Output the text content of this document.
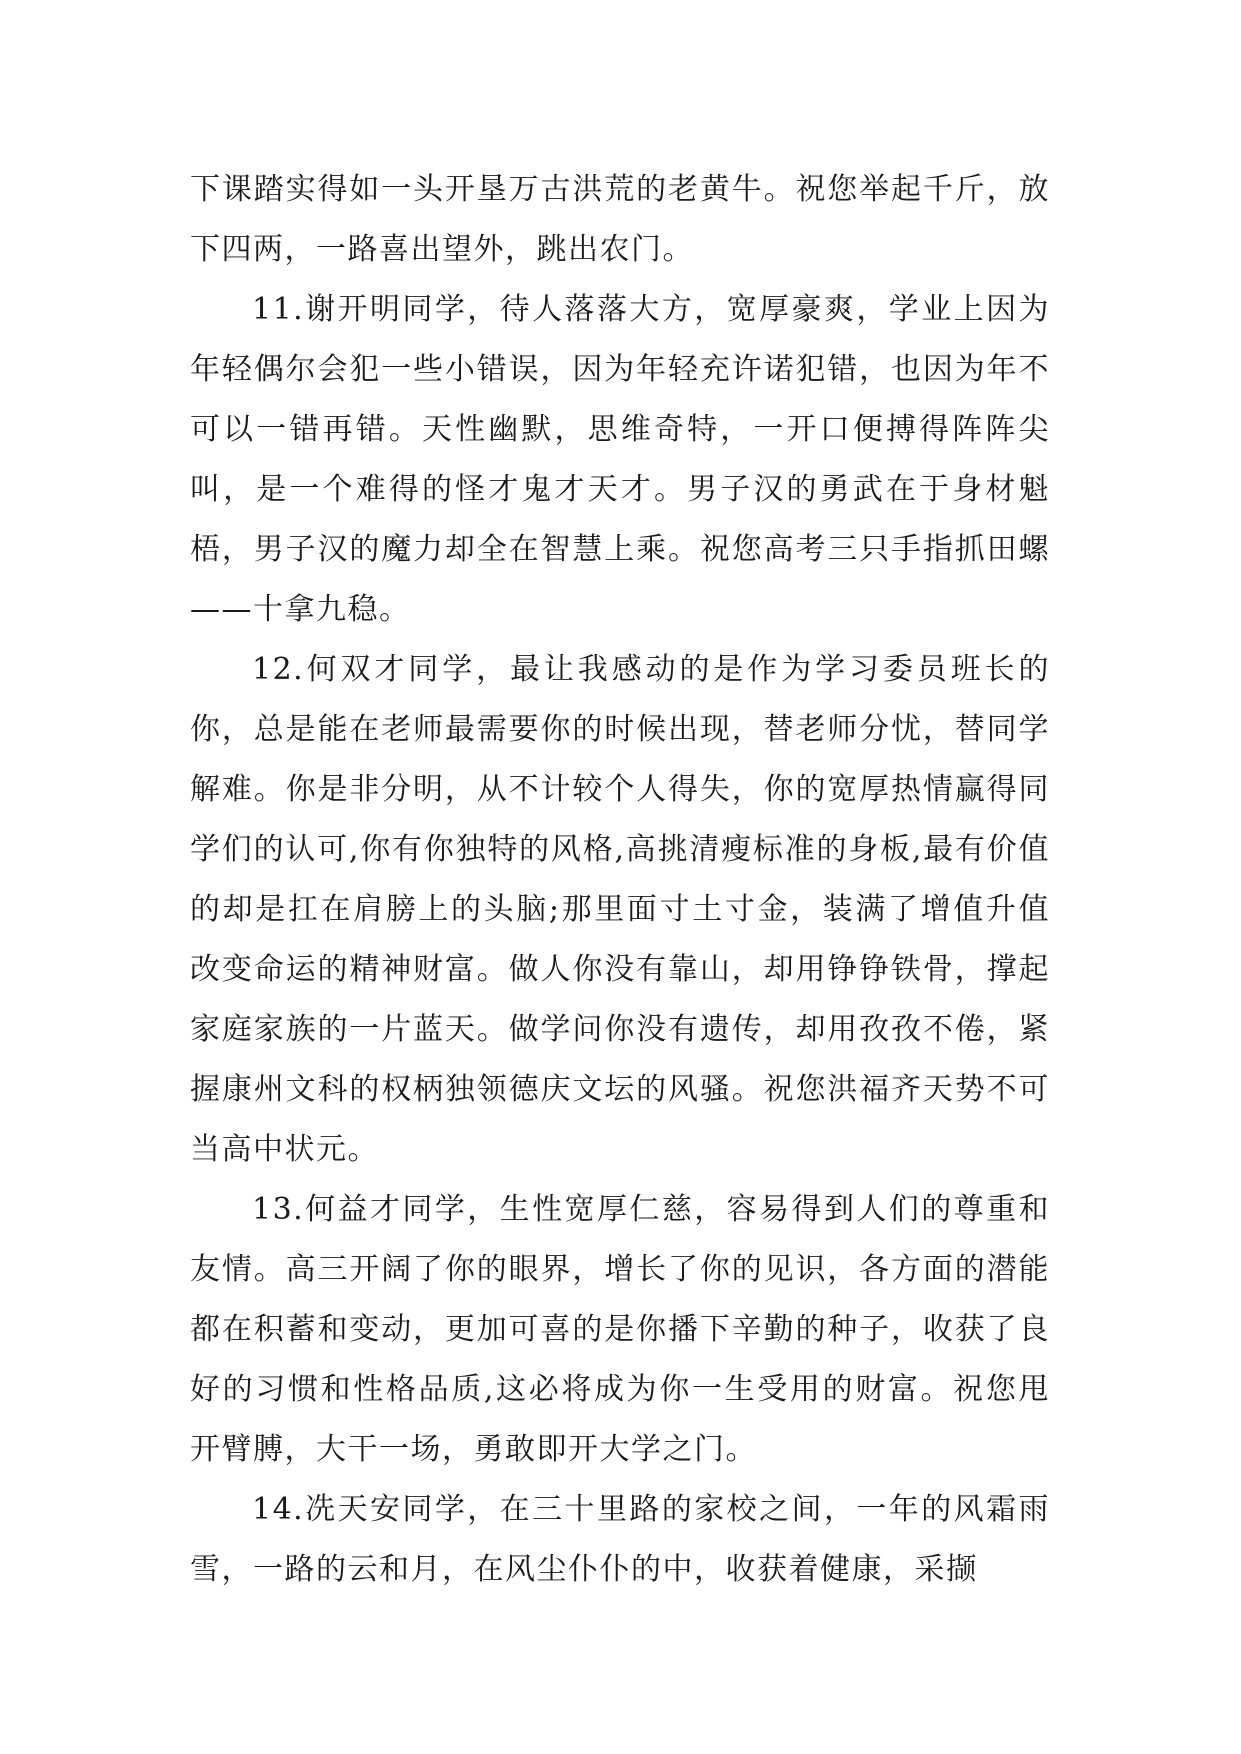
下课踏实得如一头开垦万古洪荒的老黄牛。祝您举起千斤，放下四两，一路喜出望外，跳出农门。

11.谢开明同学，待人落落大方，宽厚豪爽，学业上因为年轻偶尔会犯一些小错误，因为年轻充许诺犯错，也因为年不可以一错再错。天性幽默，思维奇特，一开口便搏得阵阵尖叫，是一个难得的怪才鬼才天才。男子汉的勇武在于身材魁梧，男子汉的魔力却全在智慧上乘。祝您高考三只手指抓田螺——十拿九稳。

12.何双才同学，最让我感动的是作为学习委员班长的你，总是能在老师最需要你的时候出现，替老师分忧，替同学解难。你是非分明，从不计较个人得失，你的宽厚热情赢得同学们的认可,你有你独特的风格,高挑清瘦标准的身板,最有价值的却是扛在肩膀上的头脑;那里面寸土寸金，装满了增值升值改变命运的精神财富。做人你没有靠山，却用铮铮铁骨，撑起家庭家族的一片蓝天。做学问你没有遗传，却用孜孜不倦，紧握康州文科的权柄独领德庆文坛的风骚。祝您洪福齐天势不可当高中状元。

13.何益才同学，生性宽厚仁慈，容易得到人们的尊重和友情。高三开阔了你的眼界，增长了你的见识，各方面的潜能都在积蓄和变动，更加可喜的是你播下辛勤的种子，收获了良好的习惯和性格品质,这必将成为你一生受用的财富。祝您甩开臂膊，大干一场，勇敢即开大学之门。

14.冼天安同学，在三十里路的家校之间，一年的风霜雨雪，一路的云和月，在风尘仆仆的中，收获着健康，采撷
